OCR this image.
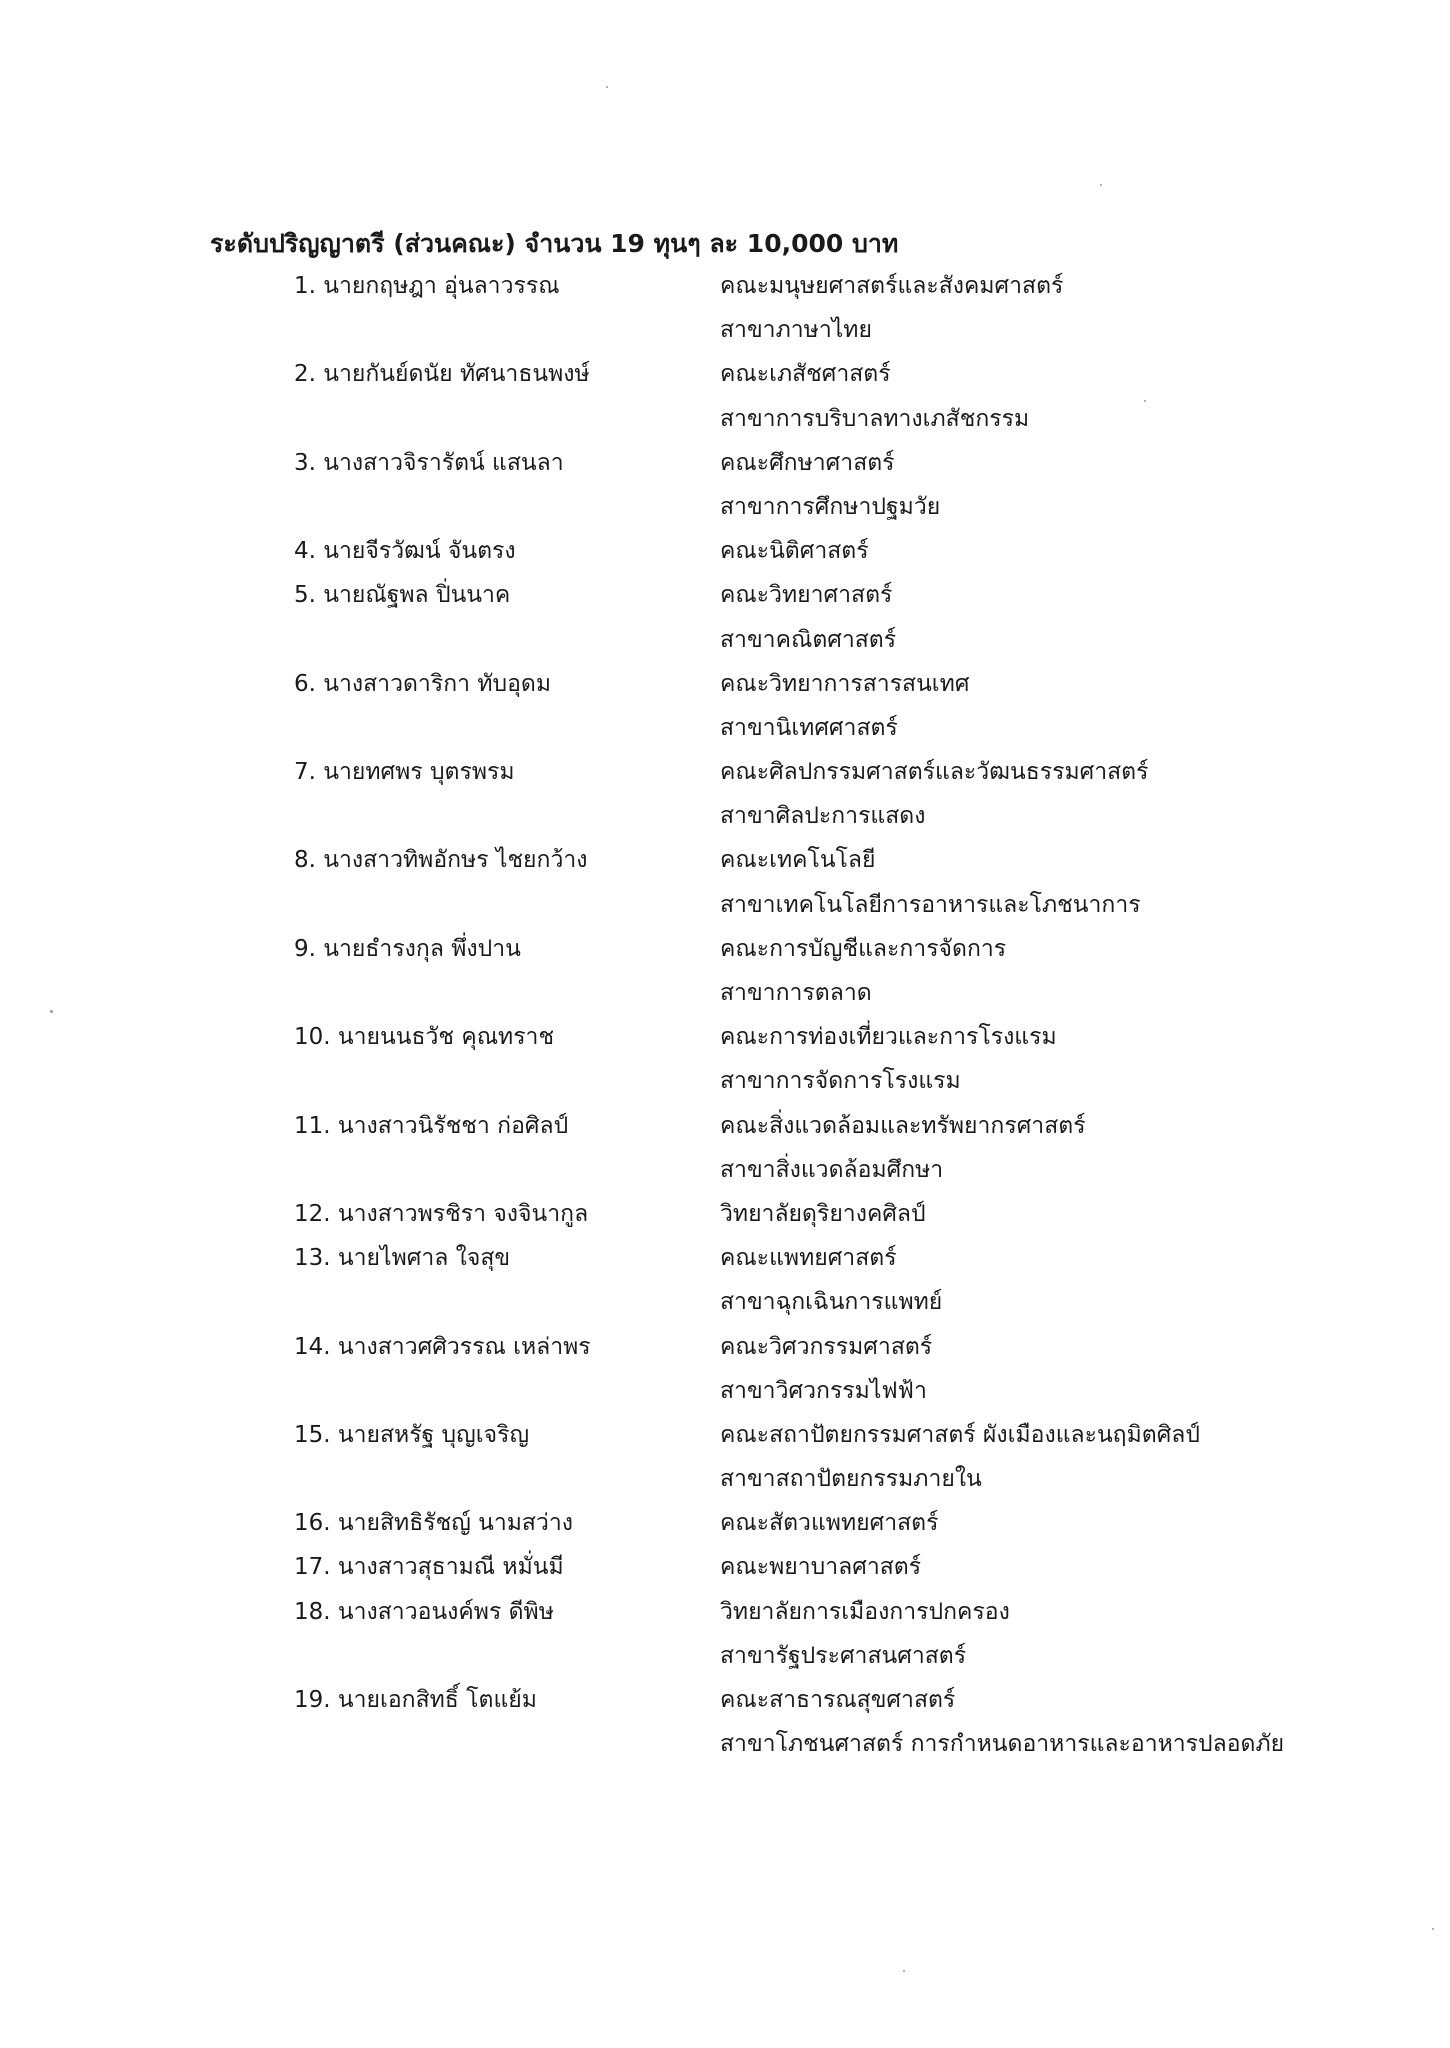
ระดับปริญญาตรี (ส่วนคณะ) จำนวน 19 ทุนๆ ละ 10,000 บาท
1. นายกฤษฎา อุ่นลาวรรณ	คณะมนุษยศาสตร์และสังคมศาสตร์
สาขาภาษาไทย
2. นายกันย์ดนัย ทัศนาธนพงษ์	คณะเภสัชศาสตร์
สาขาการบริบาลทางเภสัชกรรม
3. นางสาวจิรารัตน์ แสนลา	คณะศึกษาศาสตร์
สาขาการศึกษาปฐมวัย
4. นายจีรวัฒน์ จันตรง	คณะนิติศาสตร์
5. นายณัฐพล ปิ่นนาค	คณะวิทยาศาสตร์
สาขาคณิตศาสตร์
6. นางสาวดาริกา ทับอุดม	คณะวิทยาการสารสนเทศ
สาขานิเทศศาสตร์
7. นายทศพร บุตรพรม	คณะศิลปกรรมศาสตร์และวัฒนธรรมศาสตร์
สาขาศิลปะการแสดง
8. นางสาวทิพอักษร ไชยกว้าง	คณะเทคโนโลยี
สาขาเทคโนโลยีการอาหารและโภชนาการ
9. นายธำรงกุล พึ่งปาน	คณะการบัญชีและการจัดการ
สาขาการตลาด
10. นายนนธวัช คุณทราช	คณะการท่องเที่ยวและการโรงแรม
สาขาการจัดการโรงแรม
11. นางสาวนิรัชชา ก่อศิลป์	คณะสิ่งแวดล้อมและทรัพยากรศาสตร์
สาขาสิ่งแวดล้อมศึกษา
12. นางสาวพรชิรา จงจินากูล	วิทยาลัยดุริยางคศิลป์
13. นายไพศาล ใจสุข	คณะแพทยศาสตร์
สาขาฉุกเฉินการแพทย์
14. นางสาวศศิวรรณ เหล่าพร	คณะวิศวกรรมศาสตร์
สาขาวิศวกรรมไฟฟ้า
15. นายสหรัฐ บุญเจริญ	คณะสถาปัตยกรรมศาสตร์ ผังเมืองและนฤมิตศิลป์
สาขาสถาปัตยกรรมภายใน
16. นายสิทธิรัชญ์ นามสว่าง	คณะสัตวแพทยศาสตร์
17. นางสาวสุธามณี หมั่นมี	คณะพยาบาลศาสตร์
18. นางสาวอนงค์พร ดีพิษ	วิทยาลัยการเมืองการปกครอง
สาขารัฐประศาสนศาสตร์
19. นายเอกสิทธิ์ โตแย้ม	คณะสาธารณสุขศาสตร์
สาขาโภชนศาสตร์ การกำหนดอาหารและอาหารปลอดภัย
